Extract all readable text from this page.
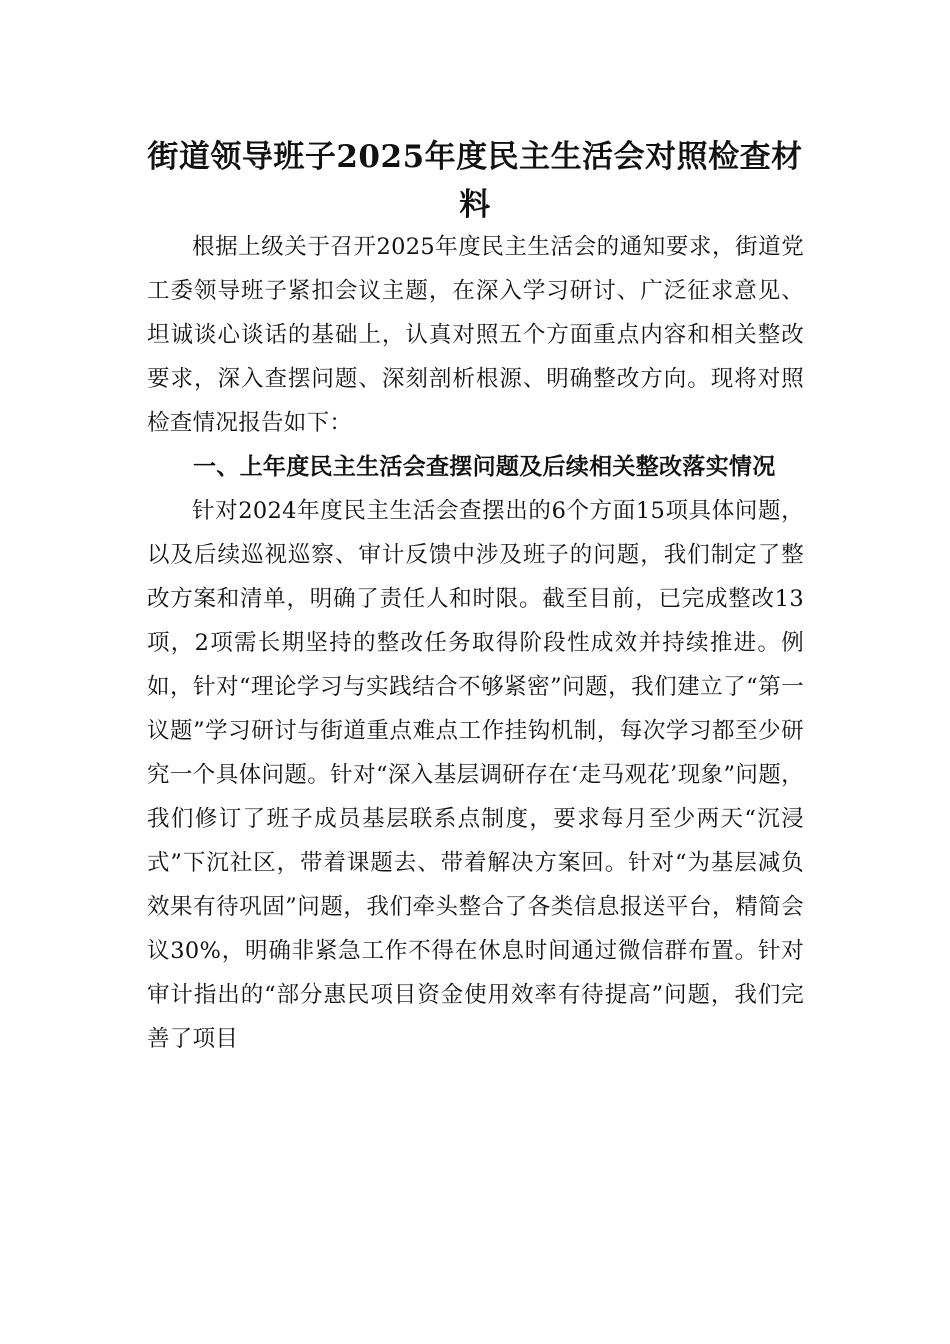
街道领导班子2025年度民主生活会对照检查材料

根据上级关于召开2025年度民主生活会的通知要求，街道党工委领导班子紧扣会议主题，在深入学习研讨、广泛征求意见、坦诚谈心谈话的基础上，认真对照五个方面重点内容和相关整改要求，深入查摆问题、深刻剖析根源、明确整改方向。现将对照检查情况报告如下：

一、上年度民主生活会查摆问题及后续相关整改落实情况

针对2024年度民主生活会查摆出的6个方面15项具体问题，以及后续巡视巡察、审计反馈中涉及班子的问题，我们制定了整改方案和清单，明确了责任人和时限。截至目前，已完成整改13项，2项需长期坚持的整改任务取得阶段性成效并持续推进。例如，针对“理论学习与实践结合不够紧密”问题，我们建立了“第一议题”学习研讨与街道重点难点工作挂钩机制，每次学习都至少研究一个具体问题。针对“深入基层调研存在‘走马观花’现象”问题，我们修订了班子成员基层联系点制度，要求每月至少两天“沉浸式”下沉社区，带着课题去、带着解决方案回。针对“为基层减负效果有待巩固”问题，我们牵头整合了各类信息报送平台，精简会议30%，明确非紧急工作不得在休息时间通过微信群布置。针对审计指出的“部分惠民项目资金使用效率有待提高”问题，我们完善了项目
